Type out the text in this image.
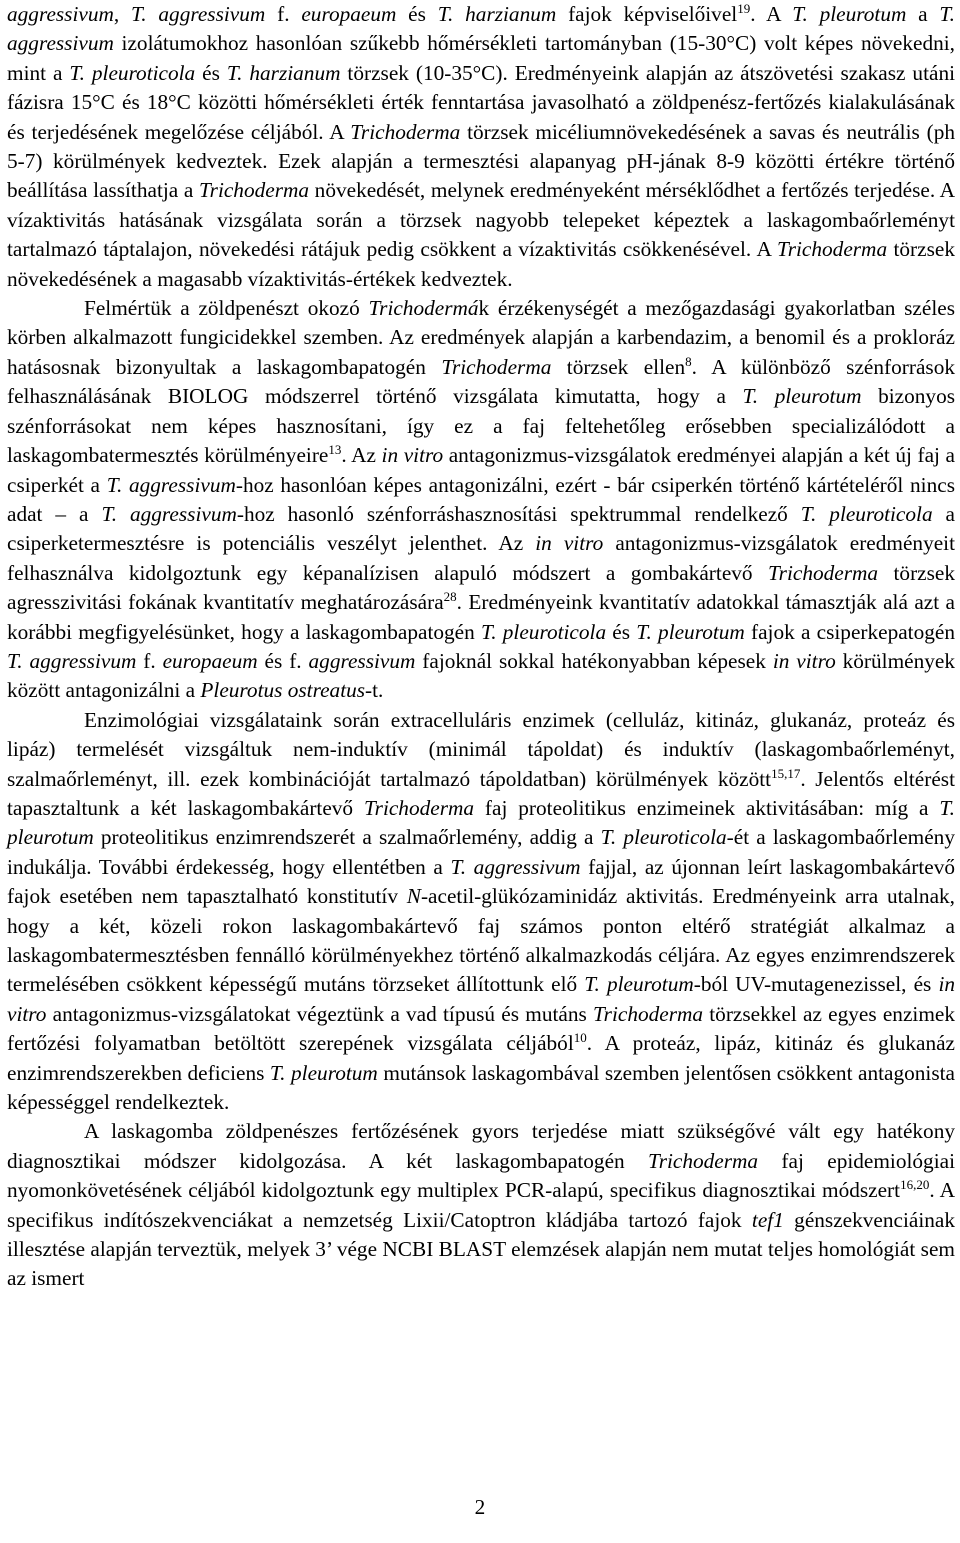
aggressivum, T. aggressivum f. europaeum és T. harzianum fajok képviselőivel$^{19}$. A T. pleurotum a T. aggressivum izolátumokhoz hasonlóan szűkebb hőmérsékleti tartományban (15-30°C) volt képes növekedni, mint a T. pleuroticola és T. harzianum törzsek (10-35°C). Eredményeink alapján az átszövetési szakasz utáni fázisra 15°C és 18°C közötti hőmérsékleti érték fenntartása javasolható a zöldpenész-fertőzés kialakulásának és terjedésének megelőzése céljából. A Trichoderma törzsek micéliumnövekedésének a savas és neutrális (ph 5-7) körülmények kedveztek. Ezek alapján a termesztési alapanyag pH-jának 8-9 közötti értékre történő beállítása lassíthatja a Trichoderma növekedését, melynek eredményeként mérséklődhet a fertőzés terjedése. A vízaktivitás hatásának vizsgálata során a törzsek nagyobb telepeket képeztek a laskagombaőrleményt tartalmazó táptalajon, növekedési rátájuk pedig csökkent a vízaktivitás csökkenésével. A Trichoderma törzsek növekedésének a magasabb vízaktivitás-értékek kedveztek.

Felmértük a zöldpenészt okozó Trichodermák érzékenységét a mezőgazdasági gyakorlatban széles körben alkalmazott fungicidekkel szemben. Az eredmények alapján a karbendazim, a benomil és a prokloráz hatásosnak bizonyultak a laskagombapatogén Trichoderma törzsek ellen$^8$. A különböző szénforrások felhasználásának BIOLOG módszerrel történő vizsgálata kimutatta, hogy a T. pleurotum bizonyos szénforrásokat nem képes hasznosítani, így ez a faj feltehetőleg erősebben specializálódott a laskagombatermesztés körülményeire$^{13}$. Az in vitro antagonizmus-vizsgálatok eredményei alapján a két új faj a csiperkét a T. aggressivum-hoz hasonlóan képes antagonizálni, ezért - bár csiperkén történő kártételéről nincs adat – a T. aggressivum-hoz hasonló szénforráshasznosítási spektrummal rendelkező T. pleuroticola a csiperketermesztésre is potenciális veszélyt jelenthet. Az in vitro antagonizmus-vizsgálatok eredményeit felhasználva kidolgoztunk egy képanalízisen alapuló módszert a gombakártevő Trichoderma törzsek agresszivitási fokának kvantitatív meghatározására$^{28}$. Eredményeink kvantitatív adatokkal támasztják alá azt a korábbi megfigyelésünket, hogy a laskagombapatogén T. pleuroticola és T. pleurotum fajok a csiperkepatogén T. aggressivum f. europaeum és f. aggressivum fajoknál sokkal hatékonyabban képesek in vitro körülmények között antagonizálni a Pleurotus ostreatus-t.

Enzimológiai vizsgálataink során extracelluláris enzimek (celluláz, kitináz, glukanáz, proteáz és lipáz) termelését vizsgáltuk nem-induktív (minimál tápoldat) és induktív (laskagombaőrleményt, szalmaőrleményt, ill. ezek kombinációját tartalmazó tápoldatban) körülmények között$^{15,17}$. Jelentős eltérést tapasztaltunk a két laskagombakártevő Trichoderma faj proteolitikus enzimeinek aktivitásában: míg a T. pleurotum proteolitikus enzimrendszerét a szalmaőrlemény, addig a T. pleuroticola-ét a laskagombaőrlemény indukálja. További érdekesség, hogy ellentétben a T. aggressivum fajjal, az újonnan leírt laskagombakártevő fajok esetében nem tapasztalható konstitutív N-acetil-glükózaminidáz aktivitás. Eredményeink arra utalnak, hogy a két, közeli rokon laskagombakártevő faj számos ponton eltérő stratégiát alkalmaz a laskagombatermesztésben fennálló körülményekhez történő alkalmazkodás céljára. Az egyes enzimrendszerek termelésében csökkent képességű mutáns törzseket állítottunk elő T. pleurotum-ból UV-mutagenezissel, és in vitro antagonizmus-vizsgálatokat végeztünk a vad típusú és mutáns Trichoderma törzsekkel az egyes enzimek fertőzési folyamatban betöltött szerepének vizsgálata céljából$^{10}$. A proteáz, lipáz, kitináz és glukanáz enzimrendszerekben deficiens T. pleurotum mutánsok laskagombával szemben jelentősen csökkent antagonista képességgel rendelkeztek.

A laskagomba zöldpenészes fertőzésének gyors terjedése miatt szükségővé vált egy hatékony diagnosztikai módszer kidolgozása. A két laskagombapatogén Trichoderma faj epidemiológiai nyomonkövetésének céljából kidolgoztunk egy multiplex PCR-alapú, specifikus diagnosztikai módszert$^{16,20}$. A specifikus indítószekvenciákat a nemzetség Lixii/Catoptron kládjába tartozó fajok tef1 génszekvenciáinak illesztése alapján terveztük, melyek 3’ vége NCBI BLAST elemzések alapján nem mutat teljes homológiát sem az ismert

2
